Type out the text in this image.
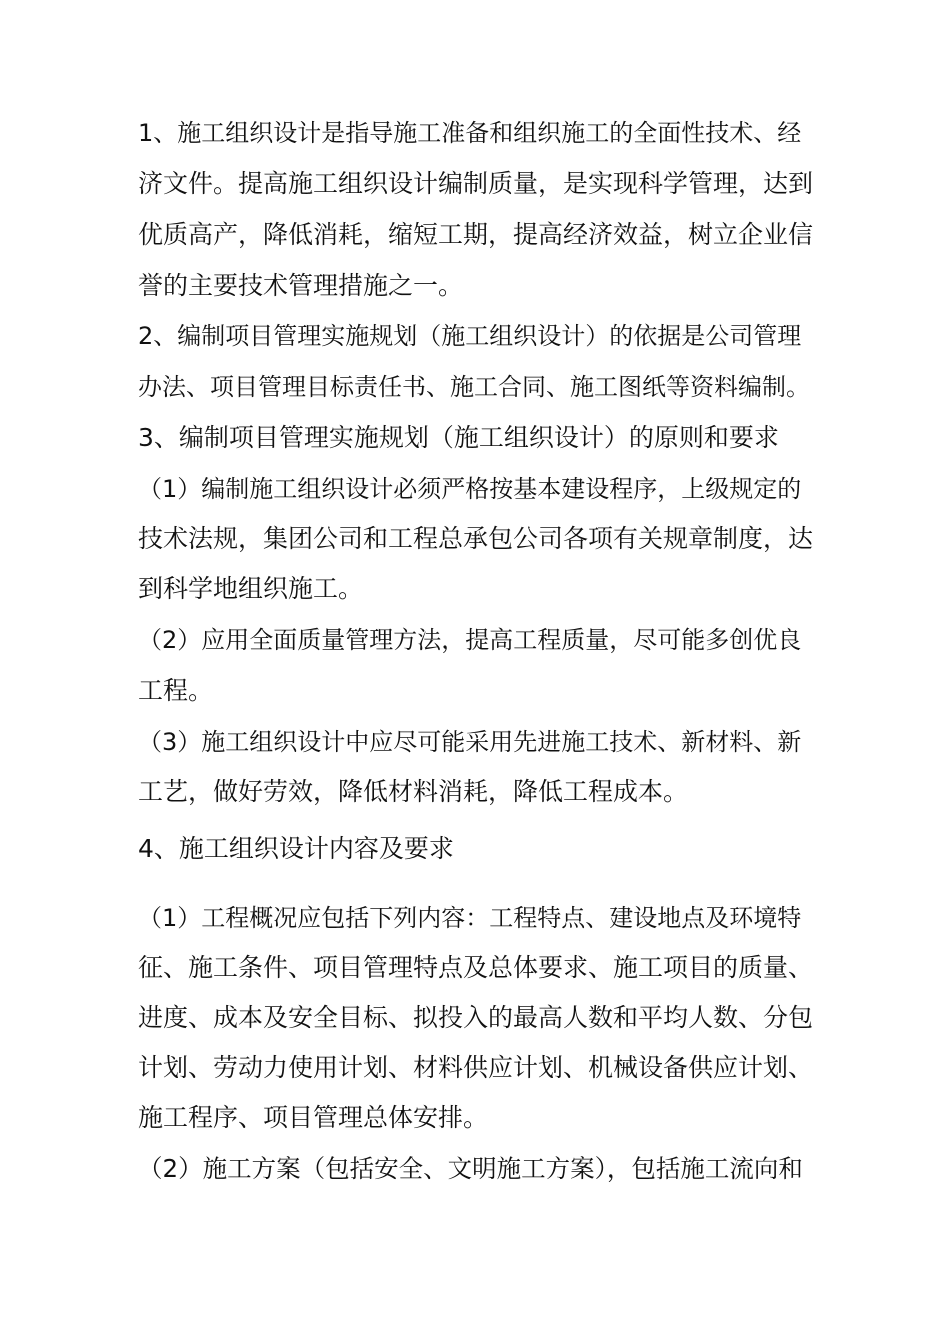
1、施工组织设计是指导施工准备和组织施工的全面性技术、经

济文件。提高施工组织设计编制质量，是实现科学管理，达到

优质高产，降低消耗，缩短工期，提高经济效益，树立企业信

誉的主要技术管理措施之一。

2、编制项目管理实施规划（施工组织设计）的依据是公司管理

办法、项目管理目标责任书、施工合同、施工图纸等资料编制。

3、编制项目管理实施规划（施工组织设计）的原则和要求

（1）编制施工组织设计必须严格按基本建设程序，上级规定的

技术法规，集团公司和工程总承包公司各项有关规章制度，达

到科学地组织施工。

（2）应用全面质量管理方法，提高工程质量，尽可能多创优良

工程。

（3）施工组织设计中应尽可能采用先进施工技术、新材料、新

工艺，做好劳效，降低材料消耗，降低工程成本。

4、施工组织设计内容及要求

（1）工程概况应包括下列内容：工程特点、建设地点及环境特

征、施工条件、项目管理特点及总体要求、施工项目的质量、

进度、成本及安全目标、拟投入的最高人数和平均人数、分包

计划、劳动力使用计划、材料供应计划、机械设备供应计划、

施工程序、项目管理总体安排。

（2）施工方案（包括安全、文明施工方案），包括施工流向和
